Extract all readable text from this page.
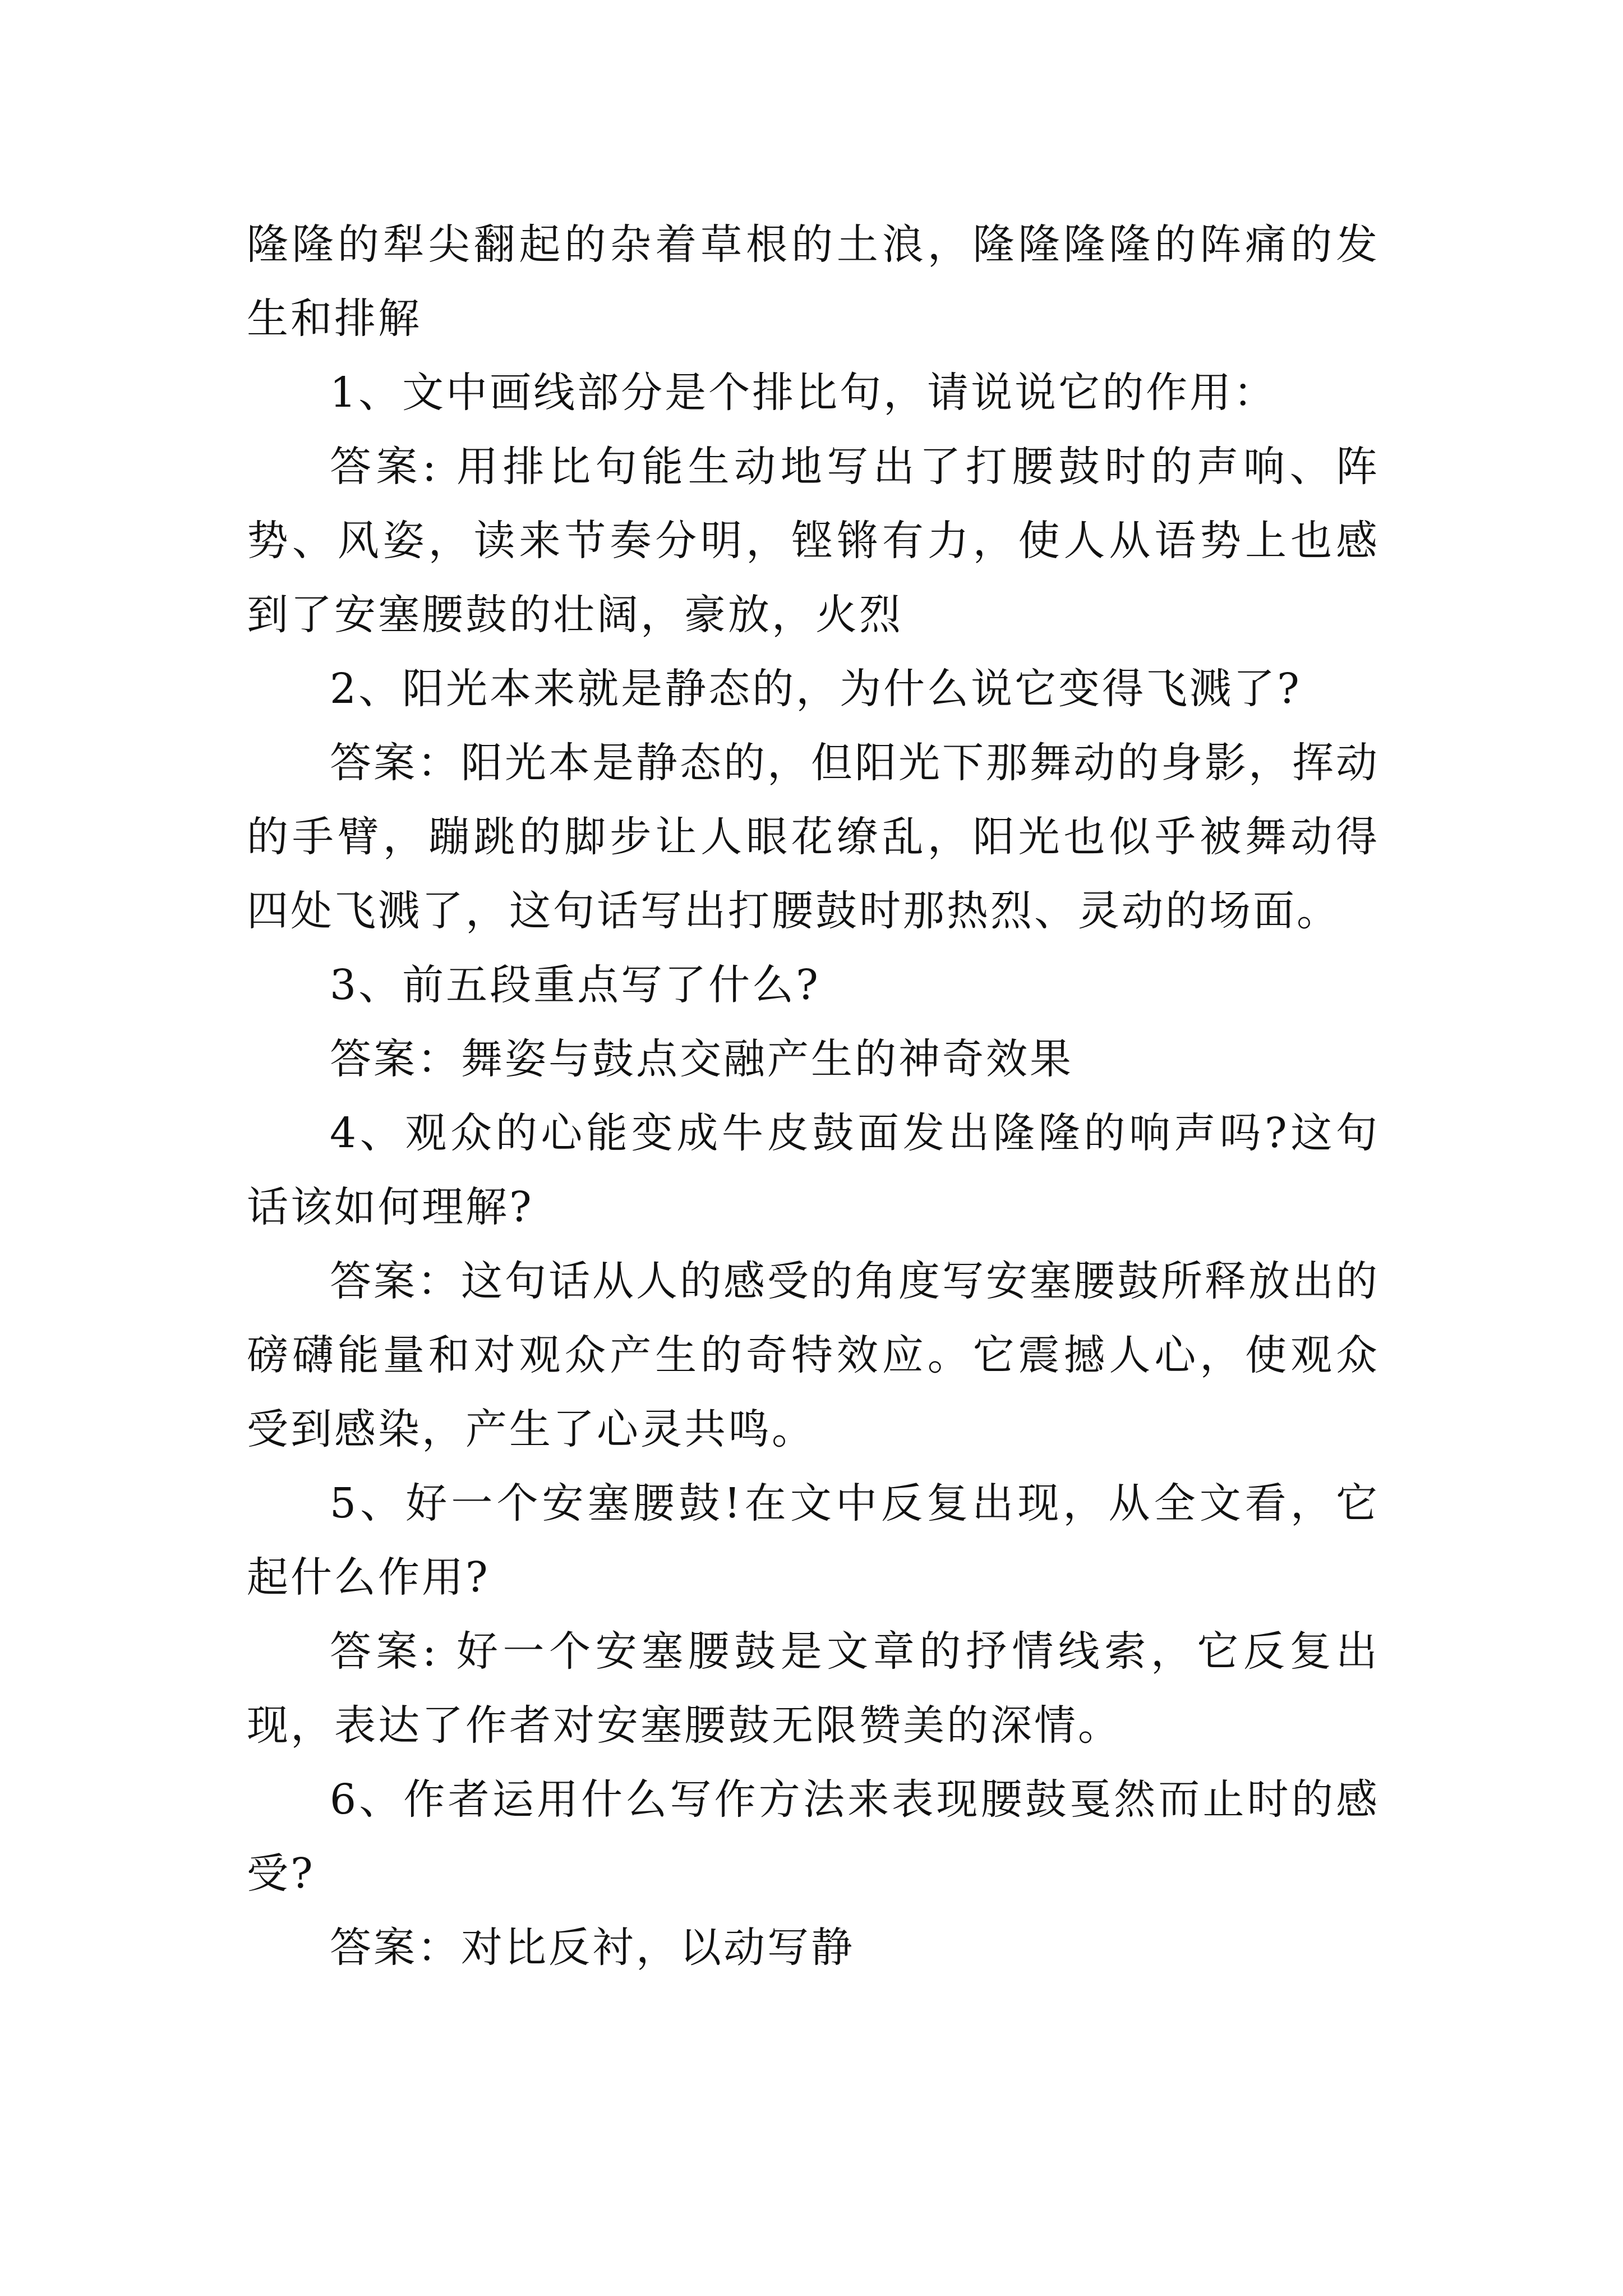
隆隆的犁尖翻起的杂着草根的土浪，隆隆隆隆的阵痛的发生和排解

1、文中画线部分是个排比句，请说说它的作用：

答案: 用排比句能生动地写出了打腰鼓时的声响、阵势、风姿，读来节奏分明，铿锵有力，使人从语势上也感到了安塞腰鼓的壮阔，豪放，火烈

2、阳光本来就是静态的，为什么说它变得飞溅了?

答案：阳光本是静态的，但阳光下那舞动的身影，挥动的手臂，蹦跳的脚步让人眼花缭乱，阳光也似乎被舞动得四处飞溅了，这句话写出打腰鼓时那热烈、灵动的场面。

3、前五段重点写了什么?

答案：舞姿与鼓点交融产生的神奇效果

4、观众的心能变成牛皮鼓面发出隆隆的响声吗?这句话该如何理解?

答案：这句话从人的感受的角度写安塞腰鼓所释放出的磅礴能量和对观众产生的奇特效应。它震撼人心，使观众受到感染，产生了心灵共鸣。

5、好一个安塞腰鼓!在文中反复出现，从全文看，它起什么作用?

答案: 好一个安塞腰鼓是文章的抒情线索，它反复出现，表达了作者对安塞腰鼓无限赞美的深情。

6、作者运用什么写作方法来表现腰鼓戛然而止时的感受?

答案：对比反衬，以动写静
